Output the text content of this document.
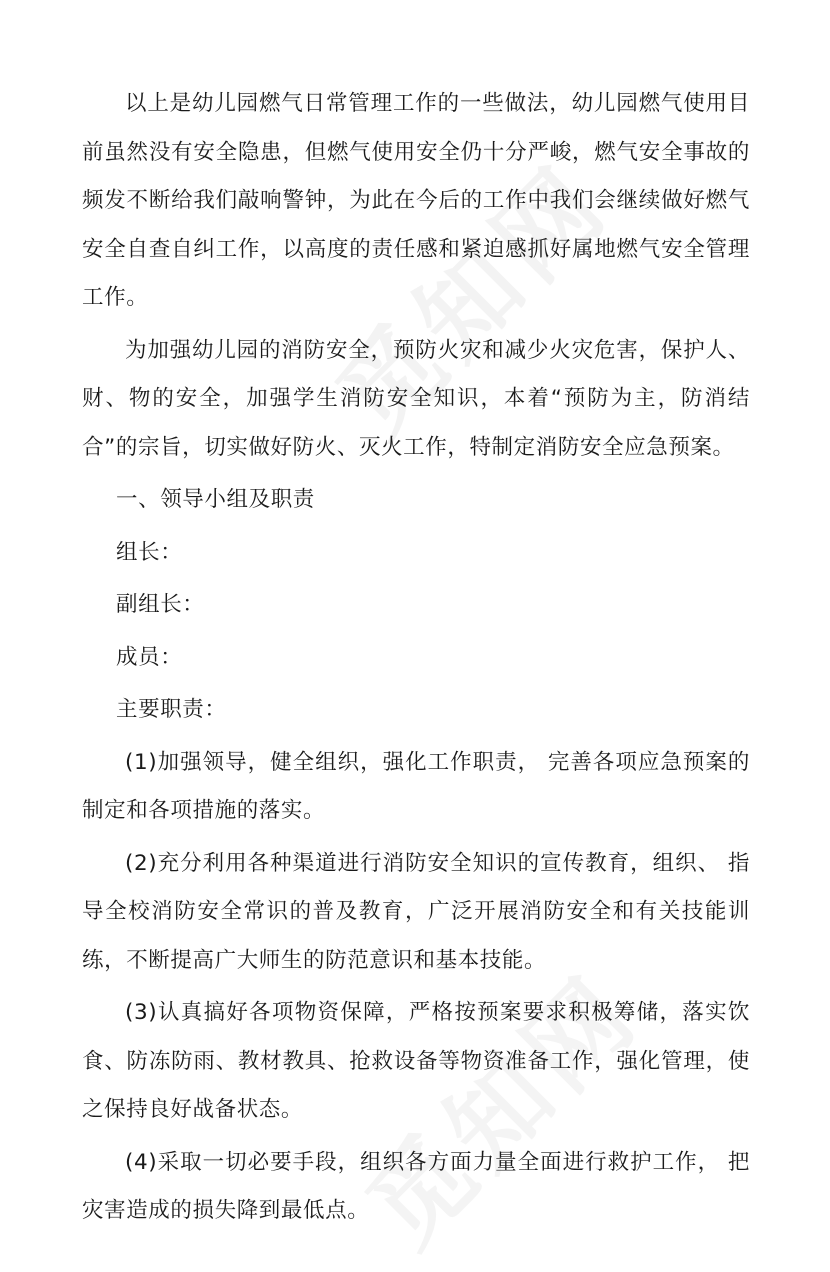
以上是幼儿园燃气日常管理工作的一些做法，幼儿园燃气使用目前虽然没有安全隐患，但燃气使用安全仍十分严峻，燃气安全事故的频发不断给我们敲响警钟，为此在今后的工作中我们会继续做好燃气安全自查自纠工作，以高度的责任感和紧迫感抓好属地燃气安全管理工作。

为加强幼儿园的消防安全，预防火灾和减少火灾危害，保护人、财、物的安全，加强学生消防安全知识，本着“预防为主，防消结合”的宗旨，切实做好防火、灭火工作，特制定消防安全应急预案。

一、领导小组及职责
组长：
副组长：
成员：
主要职责：

(1)加强领导，健全组织，强化工作职责， 完善各项应急预案的制定和各项措施的落实。

(2)充分利用各种渠道进行消防安全知识的宣传教育，组织、 指导全校消防安全常识的普及教育，广泛开展消防安全和有关技能训练，不断提高广大师生的防范意识和基本技能。

(3)认真搞好各项物资保障，严格按预案要求积极筹储，落实饮食、防冻防雨、教材教具、抢救设备等物资准备工作，强化管理，使之保持良好战备状态。

(4)采取一切必要手段，组织各方面力量全面进行救护工作， 把灾害造成的损失降到最低点。
